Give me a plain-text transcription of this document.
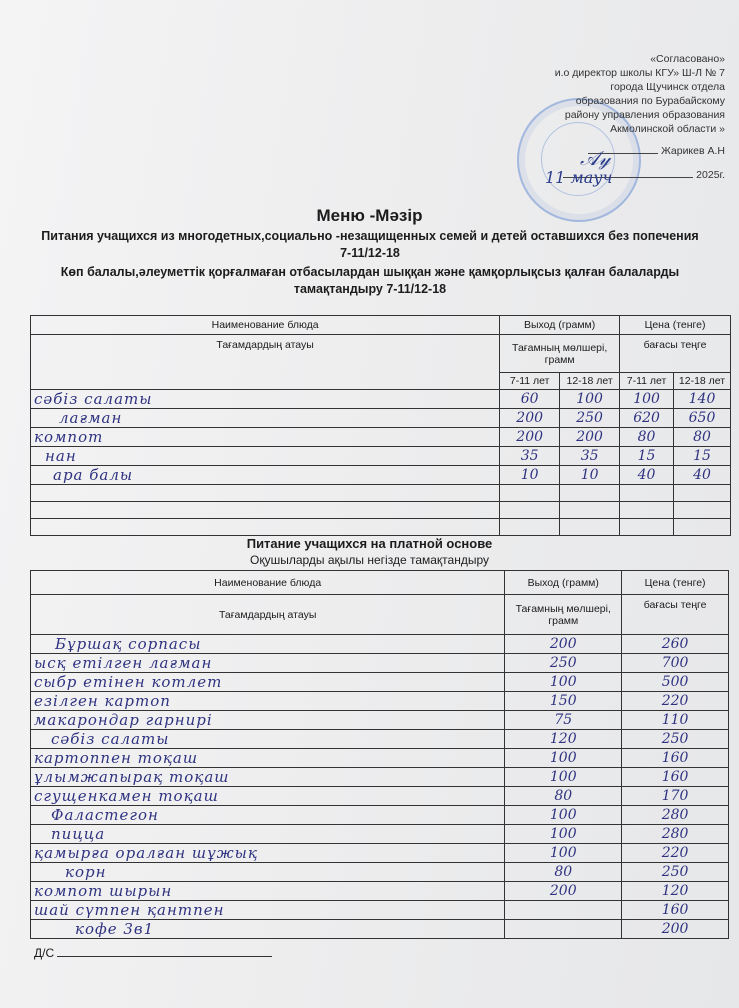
«Согласовано»
и.о директор школы КГУ» Ш-Л № 7
города Щучинск отдела
образования по Бурабайскому
району управления образования
Акмолинской области »
Жарикев А.Н
2025г.
𝒜𝓎
11 мауч
Меню -Мәзір
Питания учащихся из многодетных,социально -незащищенных семей и детей оставшихся без попечения 7-11/12-18
Көп балалы,әлеуметтік қорғалмаған отбасылардан шыққан және қамқорлықсыз қалған балаларды тамақтандыру 7-11/12-18
Наименование блюда	Выход (грамм)		Цена (тенге)	
Тағамдардың атауы	Тағамның мөлшері, грамм		бағасы теңге	
	7-11 лет	12-18 лет	7-11 лет	12-18 лет
сәбіз салаты	60	100	100	140
лағман	200	250	620	650
компот	200	200	80	80
нан	35	35	15	15
ара балы	10	10	40	40

Питание учащихся на платной основе
Оқушыларды ақылы негізде тамақтандыру
Наименование блюда	Выход (грамм)	Цена (тенге)
Тағамдардың атауы	Тағамның мөлшері, грамм	бағасы теңге
Бұршақ сорпасы	200	260
ысқ етілген лағман	250	700
сыбр етінен котлет	100	500
езілген картоп	150	220
макарондар гарнирі	75	110
сәбіз салаты	120	250
картоппен тоқаш	100	160
ұлымжапырақ тоқаш	100	160
сгущенкамен тоқаш	80	170
Фаластегон	100	280
пицца	100	280
қамырға оралған шұжық	100	220
корн	80	250
компот шырын	200	120
шай сүтпен қантпен		160
кофе 3в1		200
Д/С
